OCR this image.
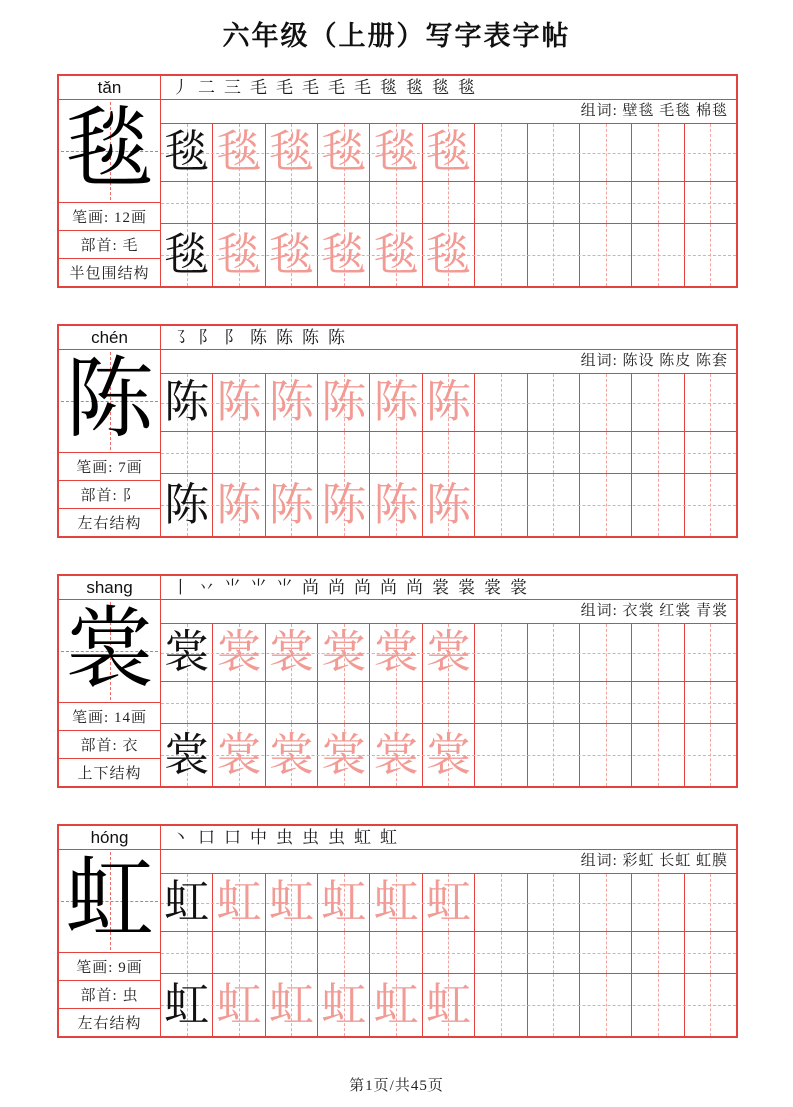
六年级（上册）写字表字帖
tǎn
毯
笔画: 12画
部首: 毛
半包围结构
丿 二 三 毛 毛 毛 毛 毛 毯 毯 毯 毯
组词: 壁毯 毛毯 棉毯
毯 毯 毯 毯 毯 毯
毯 毯 毯 毯 毯 毯
chén
陈
笔画: 7画
部首: 阝
左右结构
㇌ 阝 阝 陈 陈 陈 陈
组词: 陈设 陈皮 陈套
陈 陈 陈 陈 陈 陈
陈 陈 陈 陈 陈 陈
shang
裳
笔画: 14画
部首: 衣
上下结构
丨 丷 ⺌ ⺌ ⺌ 尚 尚 尚 尚 尚 裳 裳 裳 裳
组词: 衣裳 红裳 青裳
裳 裳 裳 裳 裳 裳
裳 裳 裳 裳 裳 裳
hóng
虹
笔画: 9画
部首: 虫
左右结构
丶 口 口 中 虫 虫 虫 虹 虹
组词: 彩虹 长虹 虹膜
虹 虹 虹 虹 虹 虹
虹 虹 虹 虹 虹 虹
第1页/共45页
